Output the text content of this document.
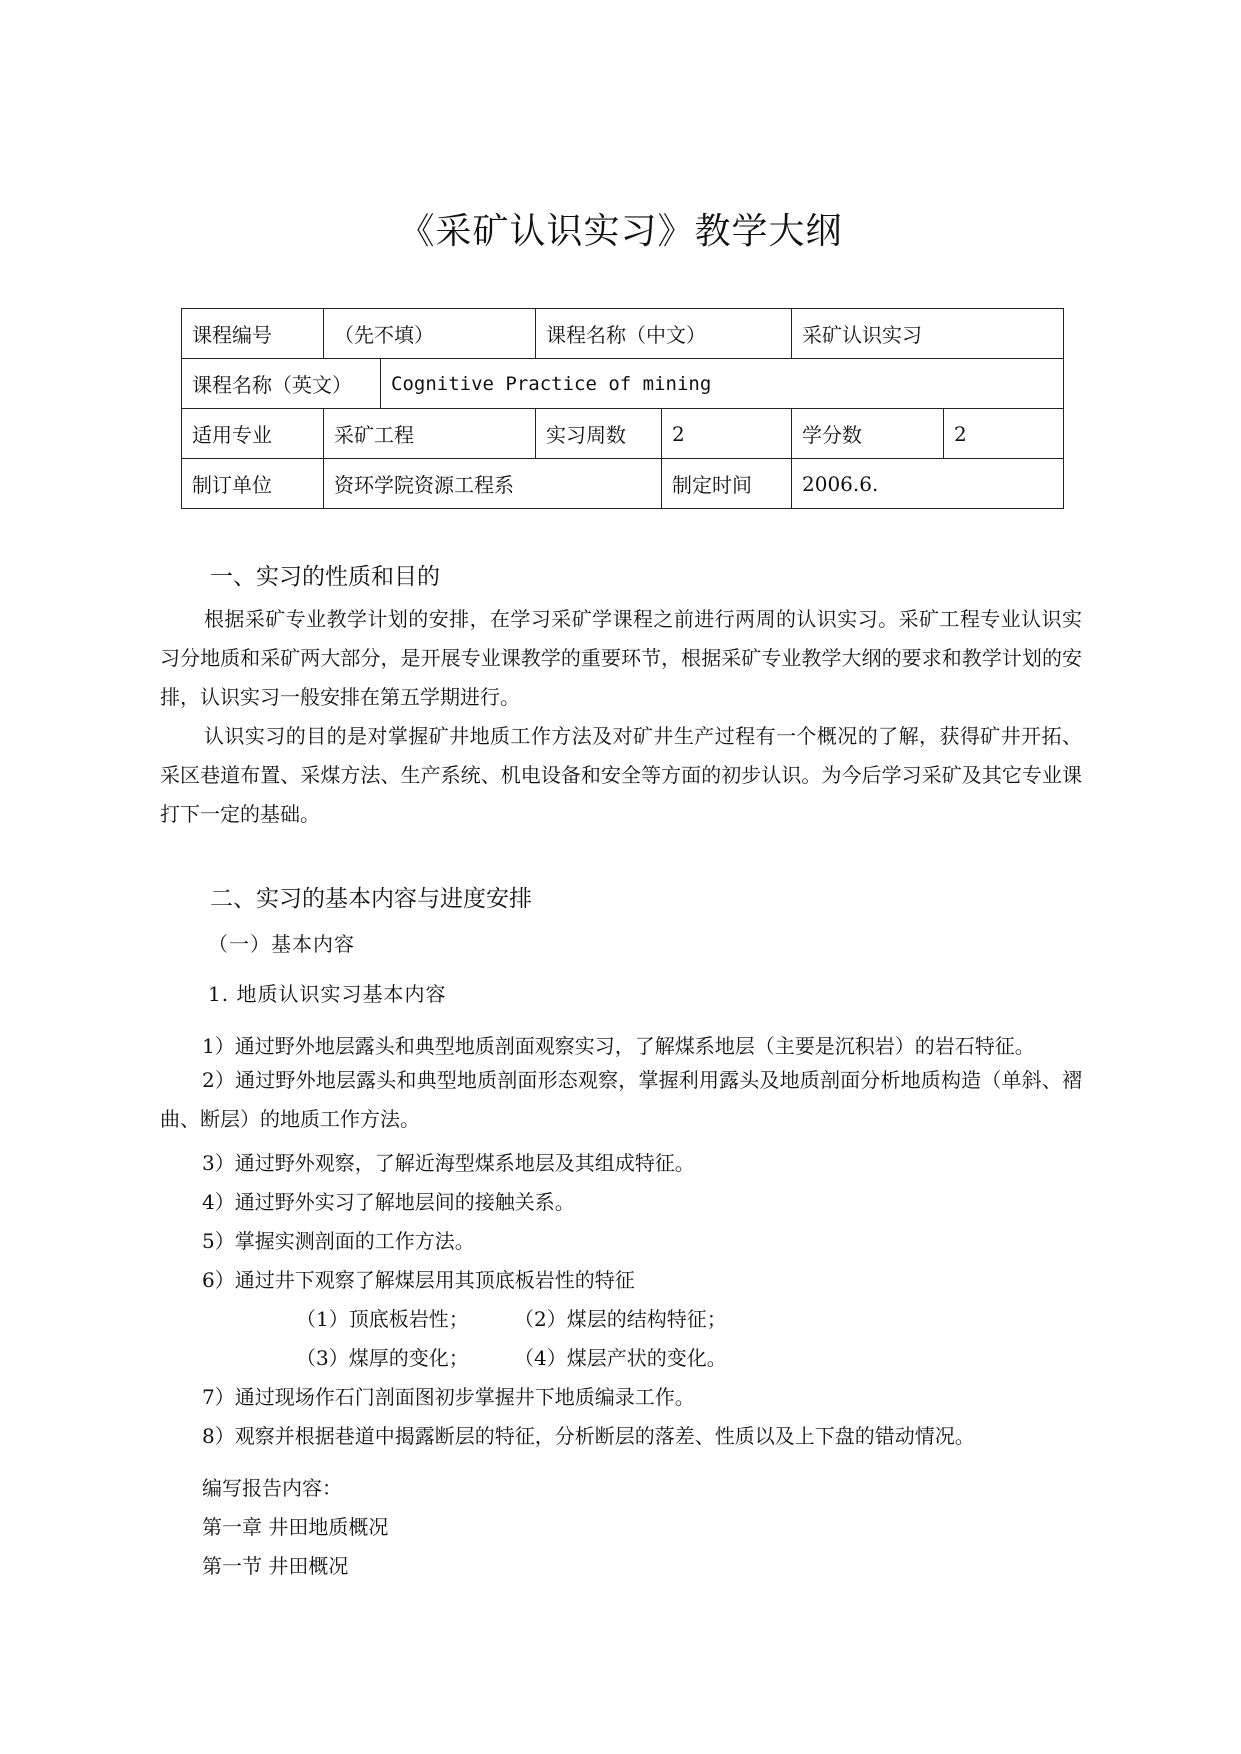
《采矿认识实习》教学大纲
课程编号	（先不填）		课程名称（中文）		采矿认识实习	
课程名称（英文）		Cognitive Practice of mining				
适用专业	采矿工程		实习周数	2	学分数	2
制订单位	资环学院资源工程系			制定时间	2006.6.	
一、实习的性质和目的
根据采矿专业教学计划的安排，在学习采矿学课程之前进行两周的认识实习。采矿工程专业认识实习分地质和采矿两大部分，是开展专业课教学的重要环节，根据采矿专业教学大纲的要求和教学计划的安排，认识实习一般安排在第五学期进行。
认识实习的目的是对掌握矿井地质工作方法及对矿井生产过程有一个概况的了解，获得矿井开拓、采区巷道布置、采煤方法、生产系统、机电设备和安全等方面的初步认识。为今后学习采矿及其它专业课打下一定的基础。
二、实习的基本内容与进度安排
（一）基本内容
1. 地质认识实习基本内容
1）通过野外地层露头和典型地质剖面观察实习，了解煤系地层（主要是沉积岩）的岩石特征。
2）通过野外地层露头和典型地质剖面形态观察，掌握利用露头及地质剖面分析地质构造（单斜、褶曲、断层）的地质工作方法。
3）通过野外观察，了解近海型煤系地层及其组成特征。
4）通过野外实习了解地层间的接触关系。
5）掌握实测剖面的工作方法。
6）通过井下观察了解煤层用其顶底板岩性的特征
（1）顶底板岩性； （2）煤层的结构特征；
（3）煤厚的变化； （4）煤层产状的变化。
7）通过现场作石门剖面图初步掌握井下地质编录工作。
8）观察并根据巷道中揭露断层的特征，分析断层的落差、性质以及上下盘的错动情况。
编写报告内容：
第一章 井田地质概况
第一节 井田概况
